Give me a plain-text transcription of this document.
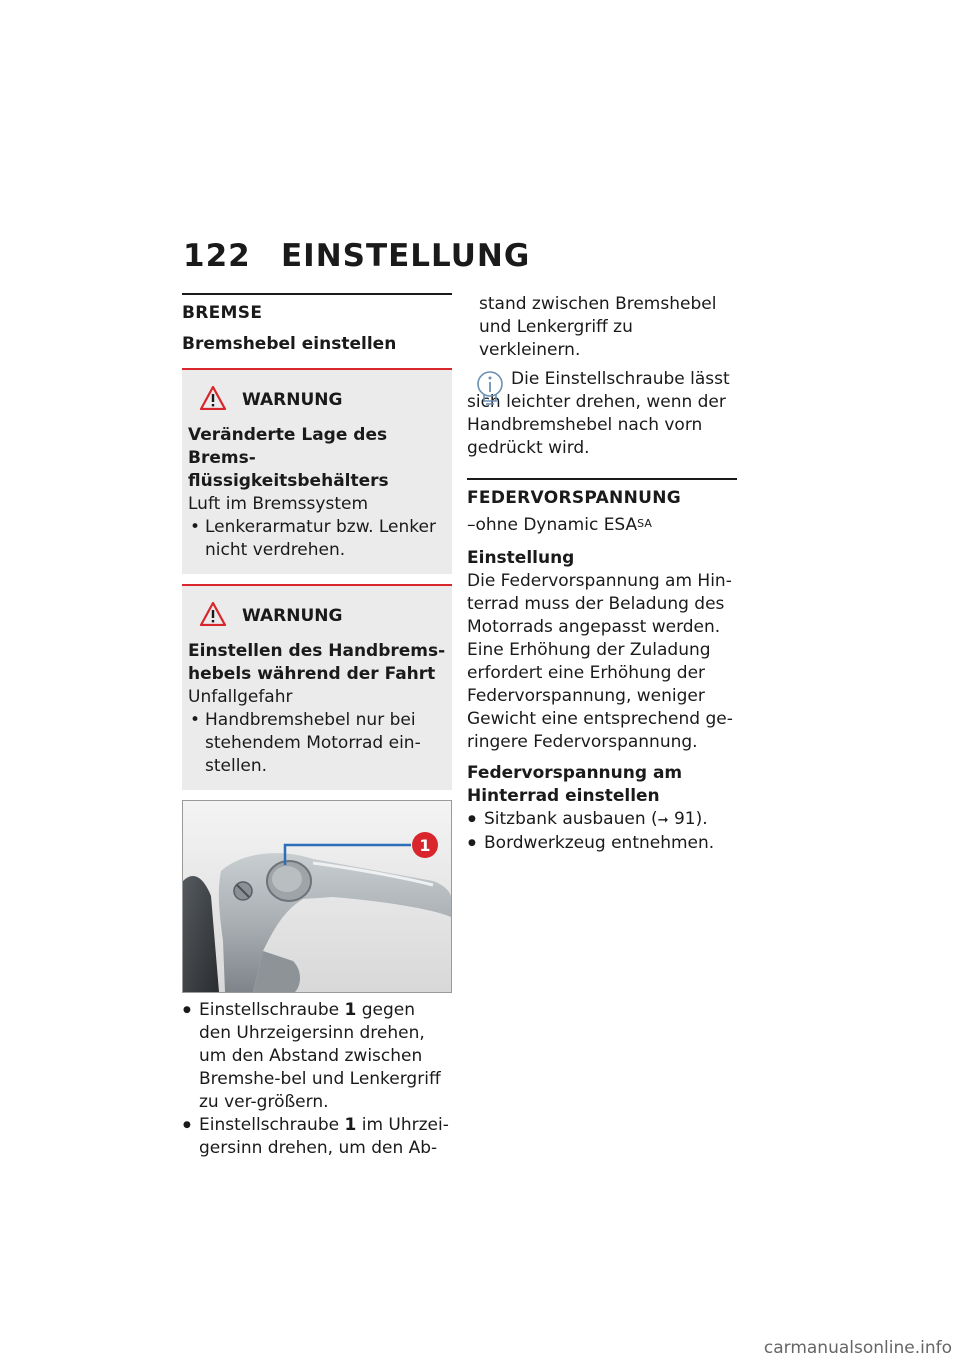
122 EINSTELLUNG
BREMSE
Bremshebel einstellen
WARNUNG
Veränderte Lage des Brems-flüssigkeitsbehälters
Luft im Bremssystem
• Lenkerarmatur bzw. Lenker nicht verdrehen.
WARNUNG
Einstellen des Handbrems-hebels während der Fahrt
Unfallgefahr
• Handbremshebel nur bei stehendem Motorrad ein-stellen.
1
● Einstellschraube 1 gegen den Uhrzeigersinn drehen, um den Abstand zwischen Bremshe-bel und Lenkergriff zu ver-größern.
● Einstellschraube 1 im Uhrzei-gersinn drehen, um den Ab-

stand zwischen Bremshebel und Lenkergriff zu verkleinern.

Die Einstellschraube lässt sich leichter drehen, wenn der Handbremshebel nach vorn gedrückt wird.

FEDERVORSPANNUNG

–ohne Dynamic $ESA^{SA}$

Einstellung

Die Federvorspannung am Hin-terrad muss der Beladung des Motorrads angepasst werden. Eine Erhöhung der Zuladung erfordert eine Erhöhung der Federvorspannung, weniger Gewicht eine entsprechend ge-ringere Federvorspannung.

Federvorspannung am Hinterrad einstellen
● Sitzbank ausbauen (➞ 91).
● Bordwerkzeug entnehmen.
carmanualsonline.info
